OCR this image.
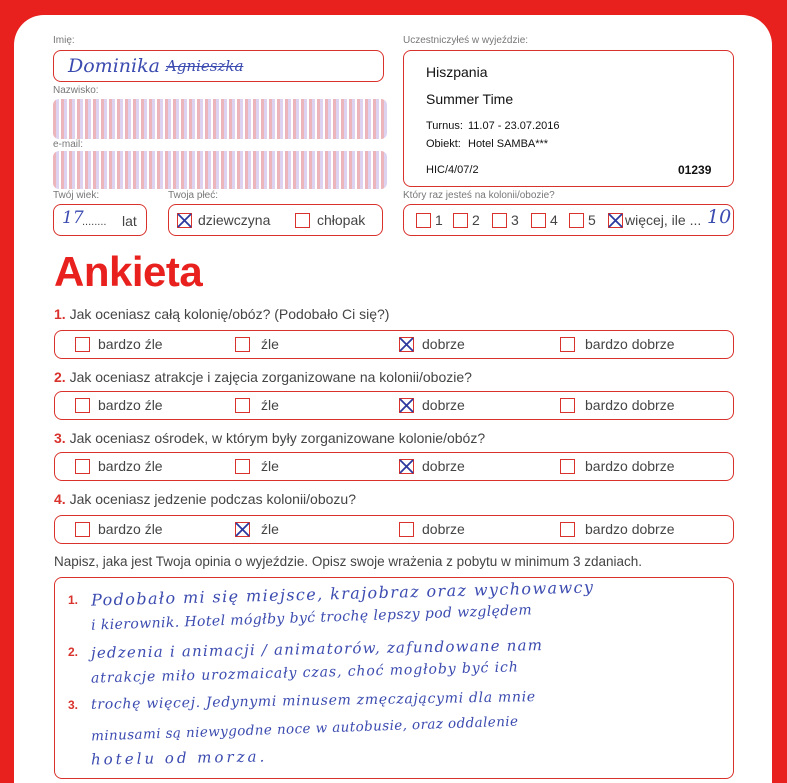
Imię:
Dominika Agnieszka
Nazwisko:
e-mail:
Twój wiek:
17
........ lat
Twoja płeć:
dziewczyna	chłopak
Uczestniczyłeś w wyjeździe:
Hiszpania
Summer Time
Turnus: 11.07 - 23.07.2016
Obiekt: Hotel SAMBA***
HIC/4/07/2	01239
Który raz jesteś na kolonii/obozie?
1 2 3 4 5 więcej, ile ... 10
Ankieta
1. Jak oceniasz całą kolonię/obóz? (Podobało Ci się?)
bardzo źle	źle	dobrze	bardzo dobrze
2. Jak oceniasz atrakcje i zajęcia zorganizowane na kolonii/obozie?
bardzo źle	źle	dobrze	bardzo dobrze
3. Jak oceniasz ośrodek, w którym były zorganizowane kolonie/obóz?
bardzo źle	źle	dobrze	bardzo dobrze
4. Jak oceniasz jedzenie podczas kolonii/obozu?
bardzo źle	źle	dobrze	bardzo dobrze
Napisz, jaka jest Twoja opinia o wyjeździe. Opisz swoje wrażenia z pobytu w minimum 3 zdaniach.
1.
2.
3.
Podobało mi się miejsce, krajobraz oraz wychowawcy
i kierownik. Hotel mógłby być trochę lepszy pod względem
jedzenia i animacji / animatorów, zafundowane nam
atrakcje miło urozmaicały czas, choć mogłoby być ich
trochę więcej. Jedynymi minusem zmęczającymi dla mnie
minusami są niewygodne noce w autobusie, oraz oddalenie
hotelu od morza.
